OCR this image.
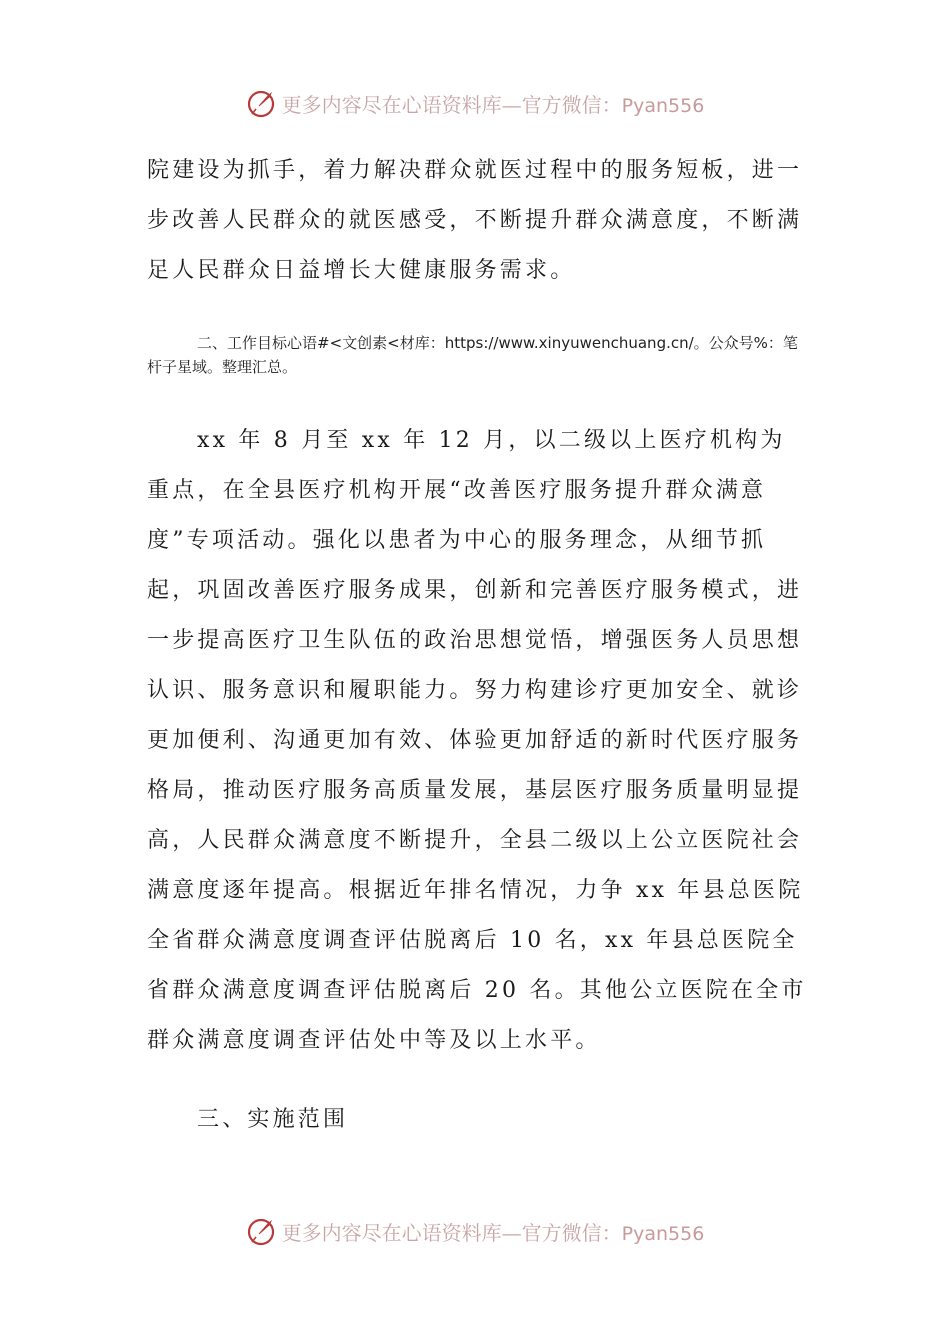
更多内容尽在心语资料库—官方微信：Pyan556

院建设为抓手，着力解决群众就医过程中的服务短板，进一步改善人民群众的就医感受，不断提升群众满意度，不断满足人民群众日益增长大健康服务需求。

二、工作目标心语#<文创素<材库：https://www.xinyuwenchuang.cn/。公众号%：笔杆子星域。整理汇总。

xx 年 8 月至 xx 年 12 月，以二级以上医疗机构为重点，在全县医疗机构开展“改善医疗服务提升群众满意度”专项活动。强化以患者为中心的服务理念，从细节抓起，巩固改善医疗服务成果，创新和完善医疗服务模式，进一步提高医疗卫生队伍的政治思想觉悟，增强医务人员思想认识、服务意识和履职能力。努力构建诊疗更加安全、就诊更加便利、沟通更加有效、体验更加舒适的新时代医疗服务格局，推动医疗服务高质量发展，基层医疗服务质量明显提高，人民群众满意度不断提升，全县二级以上公立医院社会满意度逐年提高。根据近年排名情况，力争 xx 年县总医院全省群众满意度调查评估脱离后 10 名，xx 年县总医院全省群众满意度调查评估脱离后 20 名。其他公立医院在全市群众满意度调查评估处中等及以上水平。

三、实施范围

更多内容尽在心语资料库—官方微信：Pyan556
